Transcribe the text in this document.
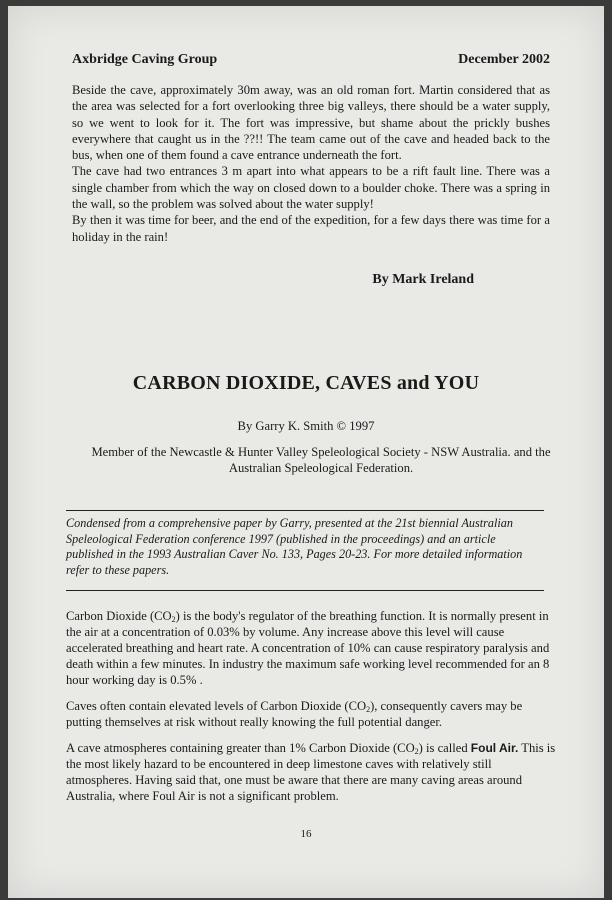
Axbridge Caving Group	December 2002

Beside the cave, approximately 30m away, was an old roman fort. Martin considered that as the area was selected for a fort overlooking three big valleys, there should be a water supply, so we went to look for it. The fort was impressive, but shame about the prickly bushes everywhere that caught us in the ??!! The team came out of the cave and headed back to the bus, when one of them found a cave entrance underneath the fort.

The cave had two entrances 3 m apart into what appears to be a rift fault line. There was a single chamber from which the way on closed down to a boulder choke. There was a spring in the wall, so the problem was solved about the water supply!

By then it was time for beer, and the end of the expedition, for a few days there was time for a holiday in the rain!

By Mark Ireland
CARBON DIOXIDE, CAVES and YOU
By Garry K. Smith © 1997
Member of the Newcastle & Hunter Valley Speleological Society - NSW Australia. and the Australian Speleological Federation.
Condensed from a comprehensive paper by Garry, presented at the 21st biennial Australian Speleological Federation conference 1997 (published in the proceedings) and an article published in the 1993 Australian Caver No. 133, Pages 20-23. For more detailed information refer to these papers.

Carbon Dioxide $(CO_2)$ is the body's regulator of the breathing function. It is normally present in the air at a concentration of 0.03% by volume. Any increase above this level will cause accelerated breathing and heart rate. A concentration of 10% can cause respiratory paralysis and death within a few minutes. In industry the maximum safe working level recommended for an 8 hour working day is 0.5% .

Caves often contain elevated levels of Carbon Dioxide $(CO_2)$, consequently cavers may be putting themselves at risk without really knowing the full potential danger.

A cave atmospheres containing greater than 1% Carbon Dioxide $(CO_2)$ is called Foul Air. This is the most likely hazard to be encountered in deep limestone caves with relatively still atmospheres. Having said that, one must be aware that there are many caving areas around Australia, where Foul Air is not a significant problem.

16
